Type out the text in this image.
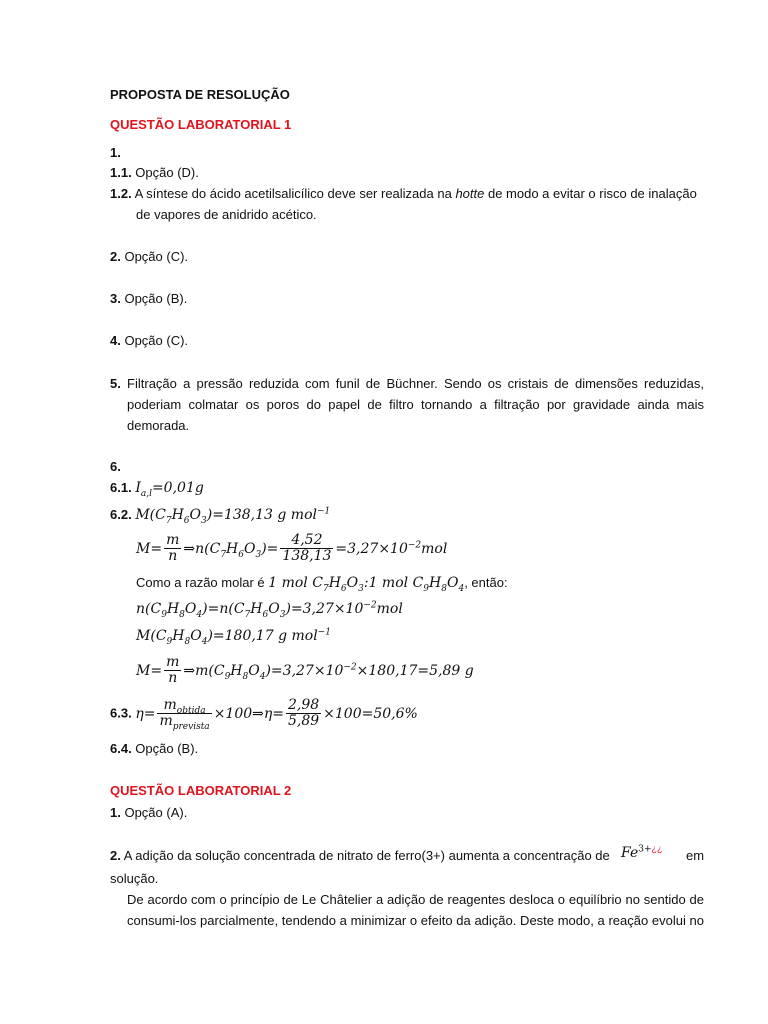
PROPOSTA DE RESOLUÇÃO
QUESTÃO LABORATORIAL 1
1.
1.1. Opção (D).
1.2. A síntese do ácido acetilsalicílico deve ser realizada na hotte de modo a evitar o risco de inalação
de vapores de anidrido acético.
2. Opção (C).
3. Opção (B).
4. Opção (C).
5. Filtração a pressão reduzida com funil de Büchner. Sendo os cristais de dimensões reduzidas,
poderiam colmatar os poros do papel de filtro tornando a filtração por gravidade ainda mais
demorada.
6.
6.1. $I_{a,l}=0,01g$
6.2. $M(C_7H_6O_3)=138,13$ g mol$^{-1}$
$M= \frac{m}{n}$ $\Rightarrow n(C_7H_6O_3)= \frac{4,52}{138,13} =3,27\times 10^{-2}mol$
Como a razão molar é 1 mol $C_7H_6O_3:1$ mol $C_9H_8O_4$, então:
$n(C_9H_8O_4)=n(C_7H_6O_3)=3,27\times 10^{-2}mol$
$M(C_9H_8O_4)=180,17$ g mol$^{-1}$
$M= \frac{m}{n}$ $\Rightarrow m(C_9H_8O_4)=3,27\times 10^{-2}\times 180,17=5,89$ g
6.3. $\eta= \frac{m_{obtida}}{m_{prevista}}$ ×100⇒η= $\frac{2,98}{5,89} \times 100=50,6\%$
6.4. Opção (B).
QUESTÃO LABORATORIAL 2
1. Opção (A).
2. A adição da solução concentrada de nitrato de ferro(3+) aumenta a concentração de $Fe^{3+¿¿}$ em
solução.
De acordo com o princípio de Le Châtelier a adição de reagentes desloca o equilíbrio no sentido de
consumi-los parcialmente, tendendo a minimizar o efeito da adição. Deste modo, a reação evolui no
